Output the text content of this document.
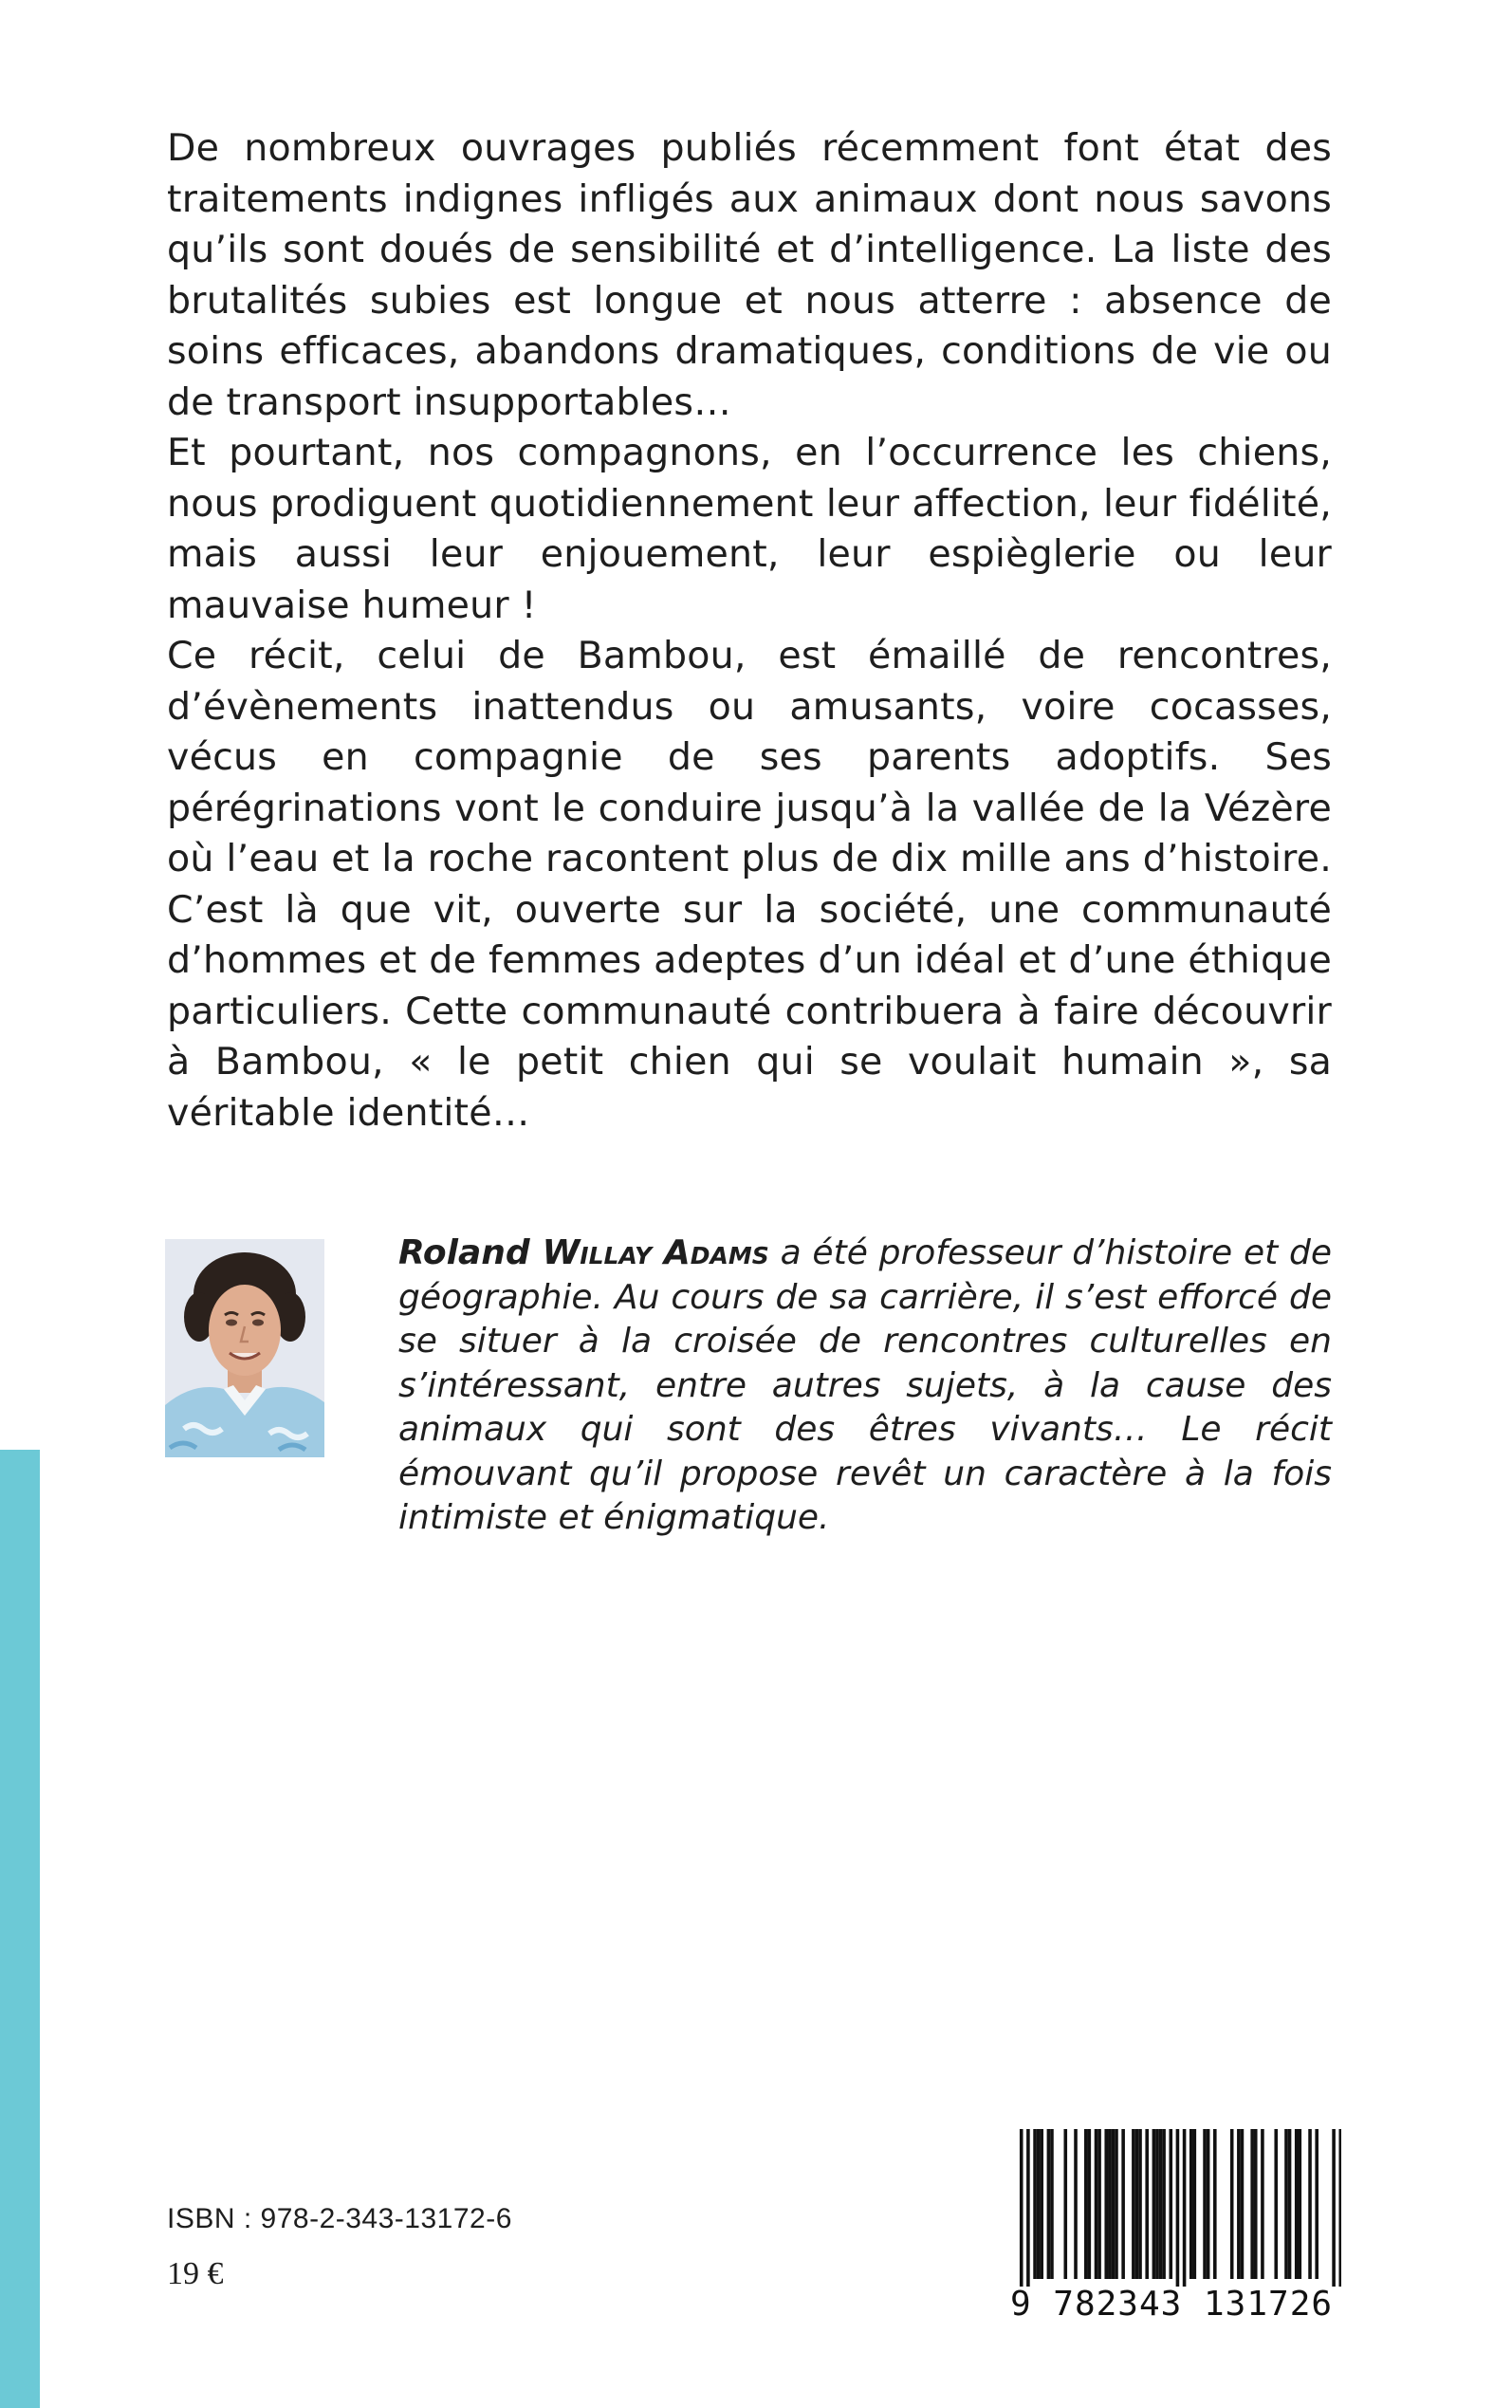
De nombreux ouvrages publiés récemment font état des traitements indignes infligés aux animaux dont nous savons qu’ils sont doués de sensibilité et d’intelligence. La liste des brutalités subies est longue et nous atterre : absence de soins efficaces, abandons dramatiques, conditions de vie ou de transport insupportables…

Et pourtant, nos compagnons, en l’occurrence les chiens, nous prodiguent quotidiennement leur affection, leur fidélité, mais aussi leur enjouement, leur espièglerie ou leur mauvaise humeur !

Ce récit, celui de Bambou, est émaillé de rencontres, d’évènements inattendus ou amusants, voire cocasses, vécus en compagnie de ses parents adoptifs. Ses pérégrinations vont le conduire jusqu’à la vallée de la Vézère où l’eau et la roche racontent plus de dix mille ans d’histoire. C’est là que vit, ouverte sur la société, une communauté d’hommes et de femmes adeptes d’un idéal et d’une éthique particuliers. Cette communauté contribuera à faire découvrir à Bambou, « le petit chien qui se voulait humain », sa véritable identité…

Roland Willay Adams a été professeur d’histoire et de géographie. Au cours de sa carrière, il s’est efforcé de se situer à la croisée de rencontres culturelles en s’intéressant, entre autres sujets, à la cause des animaux qui sont des êtres vivants… Le récit émouvant qu’il propose revêt un caractère à la fois intimiste et énigmatique.
ISBN : 978-2-343-13172-6
19 €
9 782343 131726
